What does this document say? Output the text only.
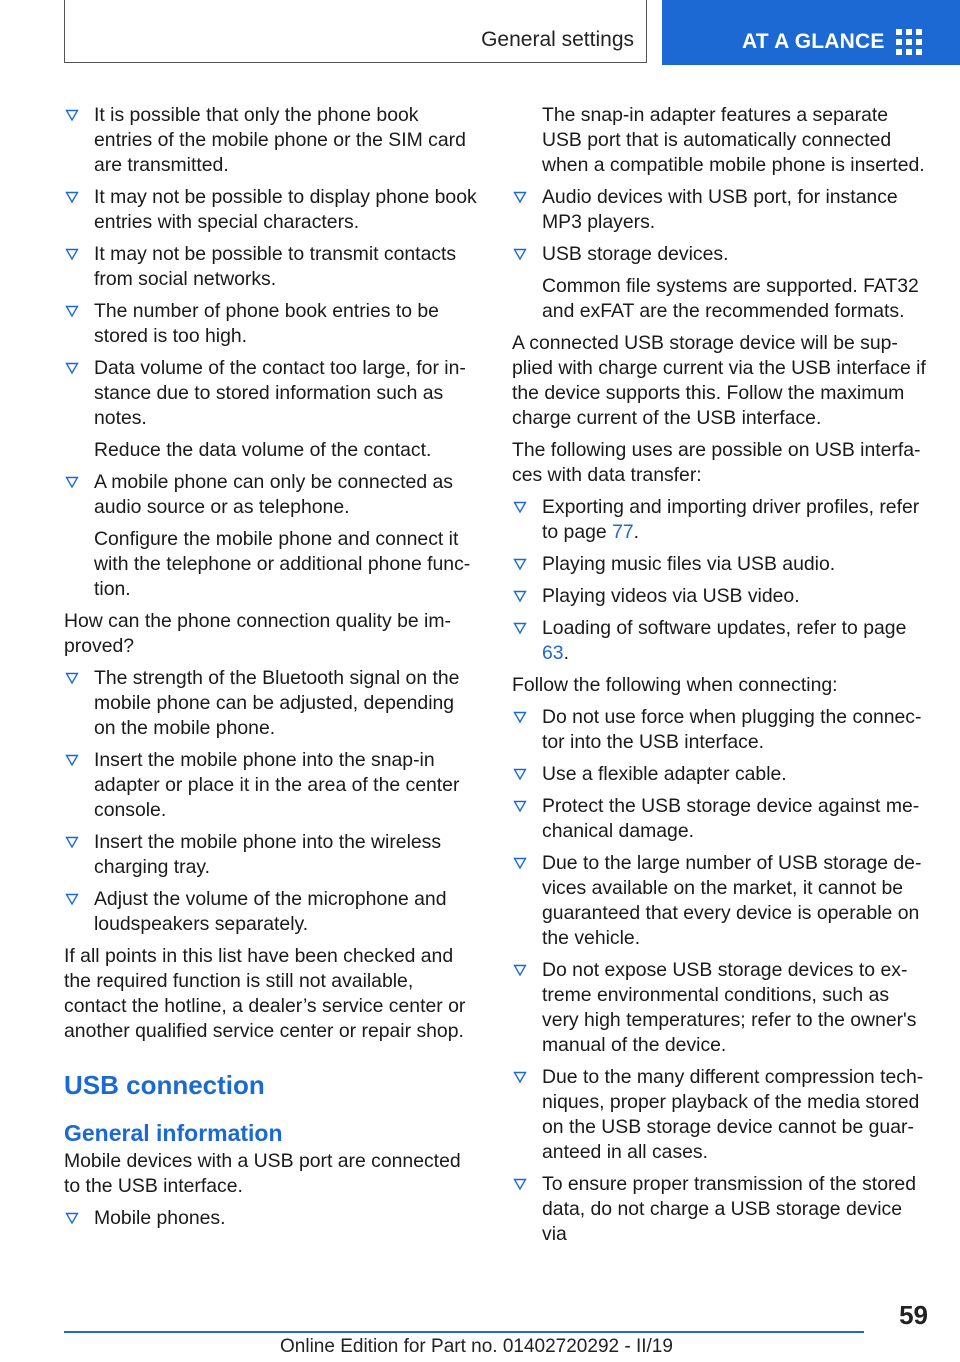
General settings	AT A GLANCE
It is possible that only the phone book entries of the mobile phone or the SIM card are transmitted.
It may not be possible to display phone book entries with special characters.
It may not be possible to transmit contacts from social networks.
The number of phone book entries to be stored is too high.
Data volume of the contact too large, for instance due to stored information such as notes.
Reduce the data volume of the contact.
A mobile phone can only be connected as audio source or as telephone.
Configure the mobile phone and connect it with the telephone or additional phone function.

How can the phone connection quality be improved?

The strength of the Bluetooth signal on the mobile phone can be adjusted, depending on the mobile phone.
Insert the mobile phone into the snap-in adapter or place it in the area of the center console.
Insert the mobile phone into the wireless charging tray.
Adjust the volume of the microphone and loudspeakers separately.

If all points in this list have been checked and the required function is still not available, contact the hotline, a dealer’s service center or another qualified service center or repair shop.

USB connection
General information

Mobile devices with a USB port are connected to the USB interface.

Mobile phones.

The snap-in adapter features a separate USB port that is automatically connected when a compatible mobile phone is inserted.

Audio devices with USB port, for instance MP3 players.
USB storage devices.

Common file systems are supported. FAT32 and exFAT are the recommended formats.

A connected USB storage device will be supplied with charge current via the USB interface if the device supports this. Follow the maximum charge current of the USB interface.

The following uses are possible on USB interfaces with data transfer:

Exporting and importing driver profiles, refer to page 77.
Playing music files via USB audio.
Playing videos via USB video.
Loading of software updates, refer to page 63.

Follow the following when connecting:

Do not use force when plugging the connector into the USB interface.
Use a flexible adapter cable.
Protect the USB storage device against mechanical damage.
Due to the large number of USB storage devices available on the market, it cannot be guaranteed that every device is operable on the vehicle.
Do not expose USB storage devices to extreme environmental conditions, such as very high temperatures; refer to the owner's manual of the device.
Due to the many different compression techniques, proper playback of the media stored on the USB storage device cannot be guaranteed in all cases.
To ensure proper transmission of the stored data, do not charge a USB storage device via
59
Online Edition for Part no. 01402720292 - II/19
